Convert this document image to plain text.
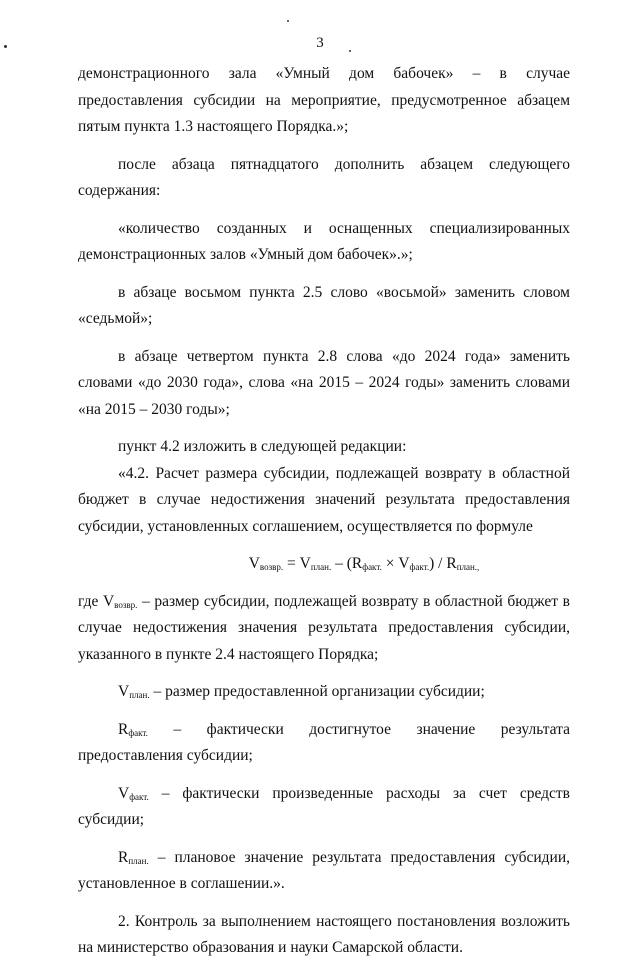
3

демонстрационного зала «Умный дом бабочек» – в случае предоставления субсидии на мероприятие, предусмотренное абзацем пятым пункта 1.3 настоящего Порядка.»;

после абзаца пятнадцатого дополнить абзацем следующего содержания:

«количество созданных и оснащенных специализированных демонстрационных залов «Умный дом бабочек».»;

в абзаце восьмом пункта 2.5 слово «восьмой» заменить словом «седьмой»;

в абзаце четвертом пункта 2.8 слова «до 2024 года» заменить словами «до 2030 года», слова «на 2015 – 2024 годы» заменить словами «на 2015 – 2030 годы»;

пункт 4.2 изложить в следующей редакции:

«4.2. Расчет размера субсидии, подлежащей возврату в областной бюджет в случае недостижения значений результата предоставления субсидии, установленных соглашением, осуществляется по формуле

$V_{возвр.} = V_{план.} - (R_{факт.} \times V_{факт.}) / R_{план.,}$

где $V_{возвр.}$ – размер субсидии, подлежащей возврату в областной бюджет в случае недостижения значения результата предоставления субсидии, указанного в пункте 2.4 настоящего Порядка;

$V_{план.}$ – размер предоставленной организации субсидии;

$R_{факт.}$ – фактически достигнутое значение результата предоставления субсидии;

$V_{факт.}$ – фактически произведенные расходы за счет средств субсидии;

$R_{план.}$ – плановое значение результата предоставления субсидии, установленное в соглашении.».

2. Контроль за выполнением настоящего постановления возложить на министерство образования и науки Самарской области.
